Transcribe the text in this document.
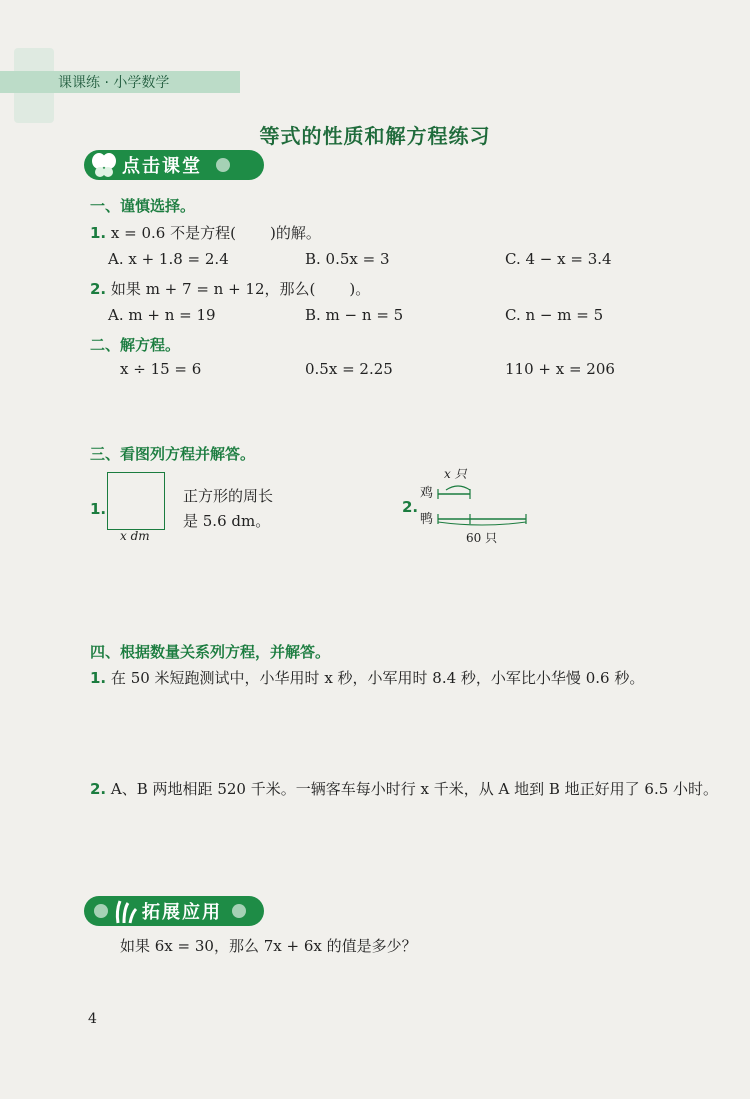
课课练 · 小学数学
等式的性质和解方程练习
点击课堂
一、谨慎选择。
1. x = 0.6 不是方程( )的解。
A. x + 1.8 = 2.4	B. 0.5x = 3	C. 4 − x = 3.4
2. 如果 m + 7 = n + 12，那么( )。
A. m + n = 19	B. m − n = 5	C. n − m = 5
二、解方程。
x ÷ 15 = 6	0.5x = 2.25	110 + x = 206
三、看图列方程并解答。
1.
x dm
正方形的周长
是 5.6 dm。
2.
鸡
鸭
x 只
60 只
四、根据数量关系列方程，并解答。
1. 在 50 米短跑测试中，小华用时 x 秒，小军用时 8.4 秒，小军比小华慢 0.6 秒。
2. A、B 两地相距 520 千米。一辆客车每小时行 x 千米，从 A 地到 B 地正好用了 6.5 小时。
拓展应用
如果 6x = 30，那么 7x + 6x 的值是多少？
4
